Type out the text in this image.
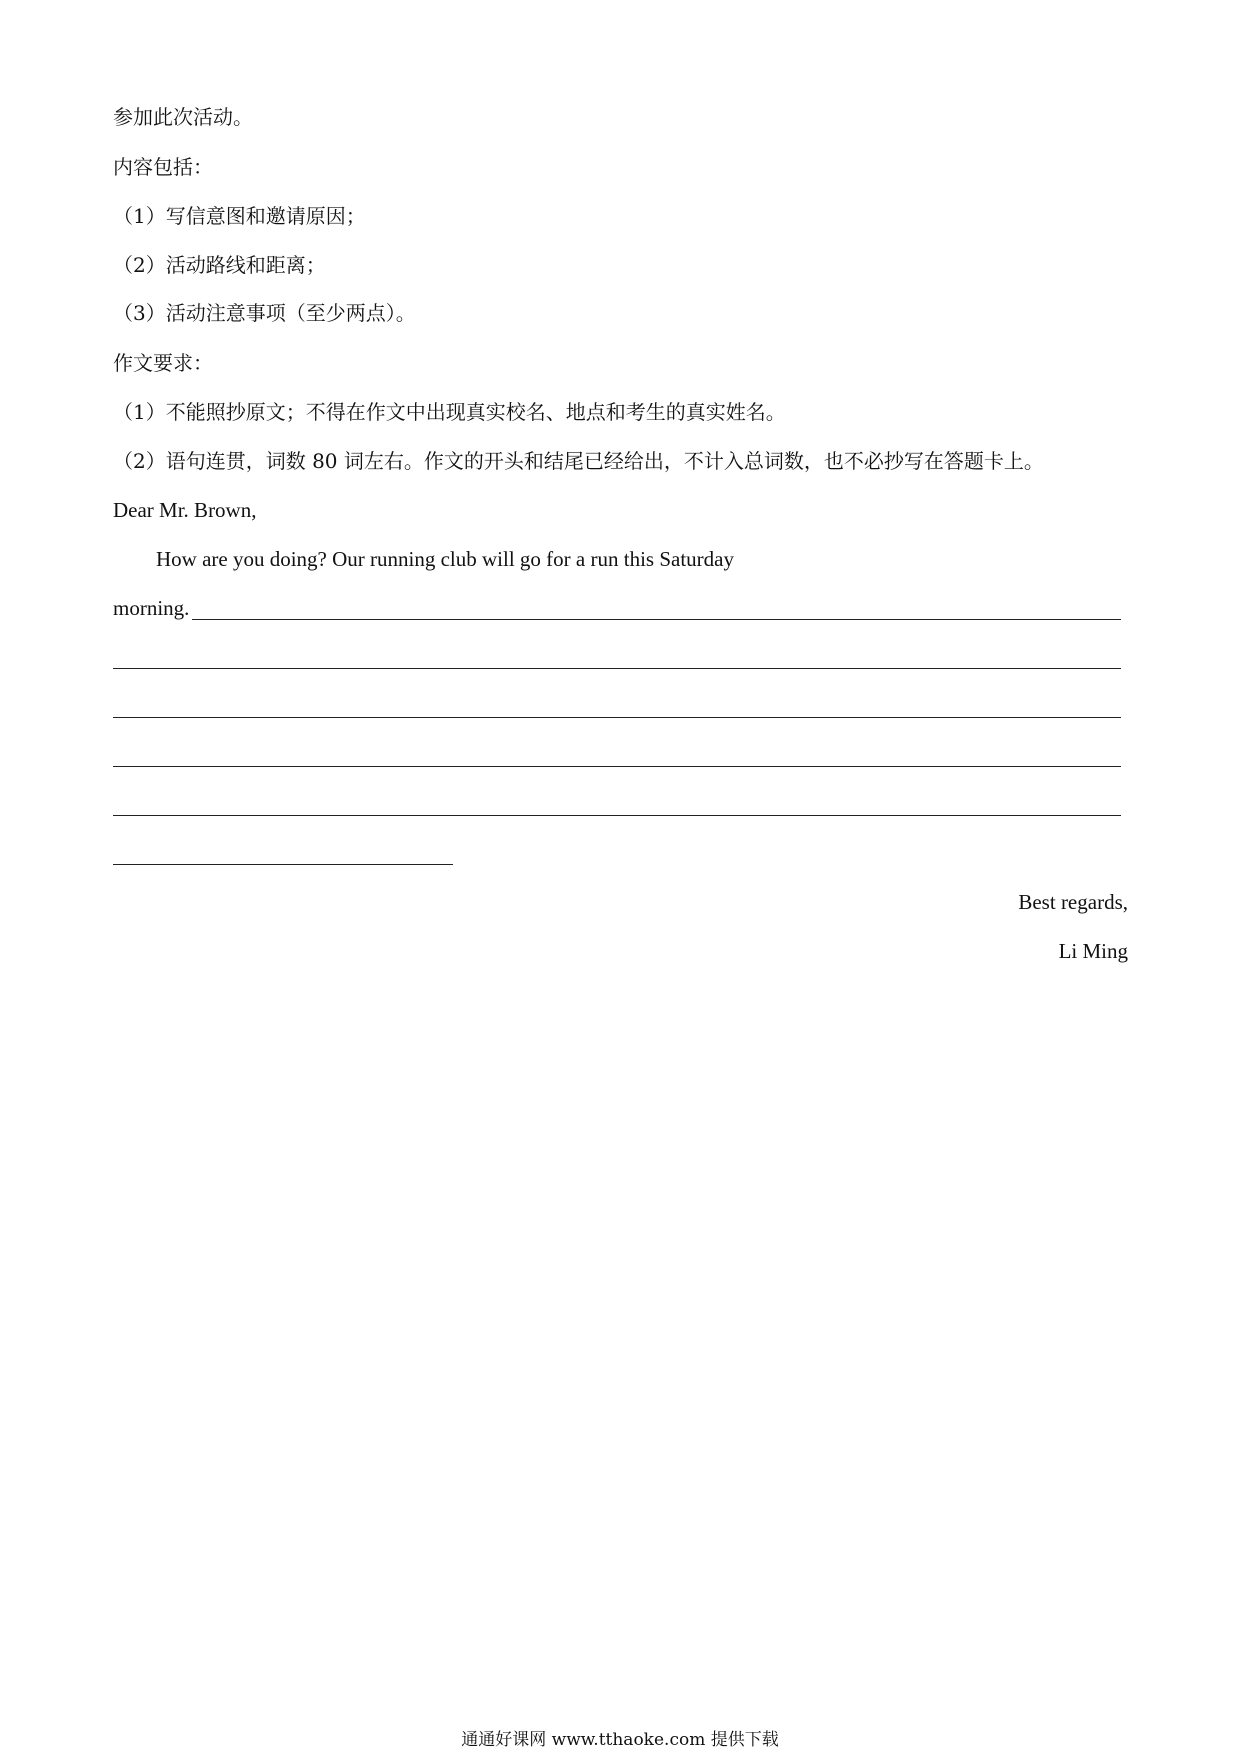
参加此次活动。
内容包括：
（1）写信意图和邀请原因；
（2）活动路线和距离；
（3）活动注意事项（至少两点）。
作文要求：
（1）不能照抄原文；不得在作文中出现真实校名、地点和考生的真实姓名。
（2）语句连贯，词数 80 词左右。作文的开头和结尾已经给出，不计入总词数，也不必抄写在答题卡上。
Dear Mr. Brown,
How are you doing? Our running club will go for a run this Saturday
morning.
Best regards,
Li Ming
通通好课网 www.tthaoke.com 提供下载
